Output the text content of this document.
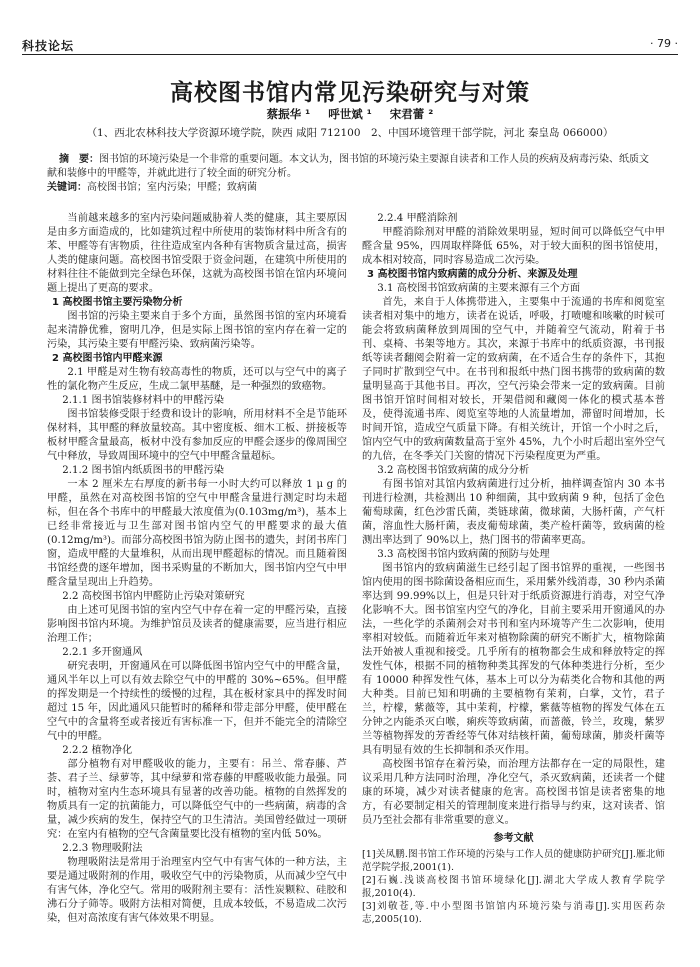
科技论坛	· 79 ·
高校图书馆内常见污染研究与对策
蔡振华 ¹ 呼世斌 ¹ 宋君蕾 ²
（1、西北农林科技大学资源环境学院，陕西 咸阳 712100　2、中国环境管理干部学院，河北 秦皇岛 066000）

摘　要：图书馆的环境污染是一个非常的重要问题。本文认为，图书馆的环境污染主要源自读者和工作人员的疾病及病毒污染、纸质文献和装修中的甲醛等，并就此进行了较全面的研究分析。

关键词：高校图书馆；室内污染；甲醛；致病菌

当前越来越多的室内污染问题威胁着人类的健康，其主要原因是由多方面造成的，比如建筑过程中所使用的装饰材料中所含有的苯、甲醛等有害物质，往往造成室内各种有害物质含量过高，损害人类的健康问题。高校图书馆受限于资金问题，在建筑中所使用的材料往往不能做到完全绿色环保，这就为高校图书馆在馆内环境问题上提出了更高的要求。

1 高校图书馆主要污染物分析

图书馆的污染主要来自于多个方面，虽然图书馆的室内环境看起来清静优雅，窗明几净，但是实际上图书馆的室内存在着一定的污染，其污染主要有甲醛污染、致病菌污染等。

2 高校图书馆内甲醛来源

2.1 甲醛是对生物有较高毒性的物质，还可以与空气中的离子性的氯化物产生反应，生成二氯甲基醚，是一种强烈的致癌物。

2.1.1 图书馆装修材料中的甲醛污染

图书馆装修受限于经费和设计的影响，所用材料不全是节能环保材料，其甲醛的释放量较高。其中密度板、细木工板、拼接板等板材甲醛含量最高，板材中没有参加反应的甲醛会逐步的像周围空气中释放，导致周围环境中的空气中甲醛含量超标。

2.1.2 图书馆内纸质图书的甲醛污染

一本 2 厘米左右厚度的新书每一小时大约可以释放 1 μ g 的甲醛，虽然在对高校图书馆的空气中甲醛含量进行测定时均未超标，但在各个书库中的甲醛最大浓度值为(0.103mg/m³)，基本上已经非常接近与卫生部对图书馆内空气的甲醛要求的最大值(0.12mg/m³)。而部分高校图书馆为防止图书的遗失，封闭书库门窗，造成甲醛的大量堆积，从而出现甲醛超标的情况。而且随着图书馆经费的逐年增加，图书采购量的不断加大，图书馆内空气中甲醛含量呈现出上升趋势。

2.2 高校图书馆内甲醛防止污染对策研究

由上述可见图书馆的室内空气中存在着一定的甲醛污染，直接影响图书馆内环境。为维护馆员及读者的健康需要，应当进行相应治理工作；

2.2.1 多开窗通风

研究表明，开窗通风在可以降低图书馆内空气中的甲醛含量，通风半年以上可以有效去除空气中的甲醛的 30%~65%。但甲醛的挥发期是一个持续性的缓慢的过程，其在板材家具中的挥发时间超过 15 年，因此通风只能暂时的稀释和带走部分甲醛，使甲醛在空气中的含量将至或者接近有害标准一下，但并不能完全的清除空气中的甲醛。

2.2.2 植物净化

部分植物有对甲醛吸收的能力，主要有：吊兰、常春藤、芦荟、君子兰、绿萝等，其中绿萝和常春藤的甲醛吸收能力最强。同时，植物对室内生态环境具有显著的改善功能。植物的自然挥发的物质具有一定的抗菌能力，可以降低空气中的一些病菌，病毒的含量，减少疾病的发生，保持空气的卫生清洁。美国曾经做过一项研究：在室内有植物的空气含菌量要比没有植物的室内低 50%。

2.2.3 物理吸附法

物理吸附法是常用于治理室内空气中有害气体的一种方法，主要是通过吸附剂的作用，吸收空气中的污染物质，从而减少空气中有害气体，净化空气。常用的吸附剂主要有：活性炭颗粒、硅胶和沸石分子筛等。吸附方法相对简便，且成本较低，不易造成二次污染，但对高浓度有害气体效果不明显。

2.2.4 甲醛消除剂

甲醛消除剂对甲醛的消除效果明显，短时间可以降低空气中甲醛含量 95%，四周取样降低 65%，对于较大面积的图书馆使用，成本相对较高，同时容易造成二次污染。

3 高校图书馆内致病菌的成分分析、来源及处理
3.1 高校图书馆致病菌的主要来源有三个方面

首先，来自于人体携带进入，主要集中于流通的书库和阅览室读者相对集中的地方，读者在说话，呼吸，打喷嚏和咳嗽的时候可能会将致病菌释放到周围的空气中，并随着空气流动，附着于书刊、桌椅、书架等地方。其次，来源于书库中的纸质资源，书刊报纸等读者翻阅会附着一定的致病菌，在不适合生存的条件下，其抱子同时扩散到空气中。在书刊和报纸中热门图书携带的致病菌的数量明显高于其他书目。再次，空气污染会带来一定的致病菌。目前图书馆开馆时间相对较长，开架借阅和藏阅一体化的模式基本普及，使得流通书库、阅览室等地的人流量增加，滞留时间增加，长时间开馆，造成空气质量下降。有相关统计，开馆一个小时之后，馆内空气中的致病菌数量高于室外 45%，九个小时后超出室外空气的九倍，在冬季关门关窗的情况下污染程度更为严重。

3.2 高校图书馆致病菌的成分分析

有图书馆对其馆内致病菌进行过分析，抽样调查馆内 30 本书刊进行检测，共检测出 10 种细菌，其中致病菌 9 种，包括了金色葡萄球菌，红色沙雷氏菌，类链球菌，微球菌，大肠杆菌，产气杆菌，溶血性大肠杆菌，表皮葡萄球菌，类产检杆菌等，致病菌的检测出率达到了 90%以上，热门图书的带菌率更高。

3.3 高校图书馆内致病菌的预防与处理

图书馆内的致病菌滋生已经引起了图书馆界的重视，一些图书馆内使用的图书除菌设备相应而生，采用紫外线消毒，30 秒内杀菌率达到 99.99%以上，但是只针对于纸质资源进行消毒，对空气净化影响不大。图书馆室内空气的净化，目前主要采用开窗通风的办法，一些化学的杀菌剂会对书刊和室内环境等产生二次影响，使用率相对较低。而随着近年来对植物除菌的研究不断扩大，植物除菌法开始被人重视和接受。几乎所有的植物都会生成和释放特定的挥发性气体，根据不同的植物种类其挥发的气体种类进行分析，至少有 10000 种挥发性气体，基本上可以分为萜类化合物和其他的两大种类。目前已知和明确的主要植物有茉莉，白掌，文竹，君子兰，柠檬，紫薇等，其中茉莉，柠檬，紫薇等植物的挥发气体在五分钟之内能杀灭白喉，痢疾等致病菌，而蔷薇，铃兰，玫瑰，紫罗兰等植物挥发的芳香经等气体对结核杆菌，葡萄球菌，肺炎杆菌等具有明显有效的生长抑制和杀灭作用。

高校图书馆存在着污染，而治理方法都存在一定的局限性，建议采用几种方法同时治理，净化空气，杀灭致病菌，还读者一个健康的环境，减少对读者健康的危害。高校图书馆是读者密集的地方，有必要制定相关的管理制度来进行指导与约束，这对读者、馆员乃至社会都有非常重要的意义。

参考文献
[1]关凤鹏.图书馆工作环境的污染与工作人员的健康防护研究[J].雁北师范学院学报,2001(1).
[2]石巍.浅谈高校图书馆环境绿化[J].湖北大学成人教育学院学报,2010(4).
[3]刘敬苍,等.中小型图书馆馆内环境污染与消毒[J].实用医药杂志,2005(10).
